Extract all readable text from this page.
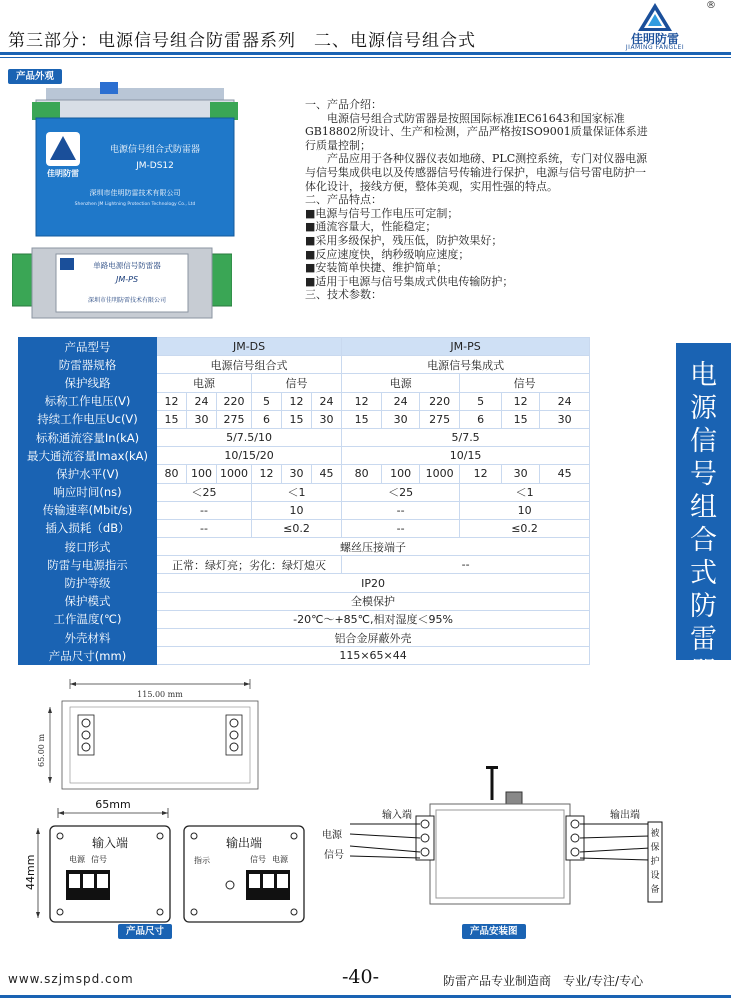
第三部分：电源信号组合防雷器系列　二、电源信号组合式	佳明防雷
JIAMING FANGLEI
®
产品外观
佳明防雷
电源信号组合式防雷器
JM-DS12
深圳市佳明防雷技术有限公司
Shenzhen JM Lightning Protection Technology Co., Ltd
单路电源信号防雷器
JM-PS
深圳市佳明防雷技术有限公司

一、产品介绍：

电源信号组合式防雷器是按照国际标准IEC61643和国家标准GB18802所设计、生产和检测，产品严格按ISO9001质量保证体系进行质量控制；

产品应用于各种仪器仪表如地磅、PLC测控系统，专门对仪器电源与信号集成供电以及传感器信号传输进行保护，电源与信号雷电防护一体化设计，接线方便，整体美观，实用性强的特点。

二、产品特点：

■电源与信号工作电压可定制；

■通流容量大，性能稳定；

■采用多级保护，残压低，防护效果好；

■反应速度快，纳秒级响应速度；

■安装简单快捷、维护简单；

■适用于电源与信号集成式供电传输防护；

三、技术参数：

产品型号	JM-DS						JM-PS					
防雷器规格	电源信号组合式						电源信号集成式					
保护线路	电源			信号			电源			信号		
标称工作电压(V)	12	24	220	5	12	24	12	24	220	5	12	24
持续工作电压Uc(V)	15	30	275	6	15	30	15	30	275	6	15	30
标称通流容量In(kA)	5/7.5/10						5/7.5					
最大通流容量Imax(kA)	10/15/20						10/15					
保护水平(V)	80	100	1000	12	30	45	80	100	1000	12	30	45
响应时间(ns)	＜25			＜1			＜25			＜1		
传输速率(Mbit/s)	--			10			--			10		
插入损耗（dB）	--			≤0.2			--			≤0.2		
接口形式	螺丝压接端子											
防雷与电源指示	正常：绿灯亮；劣化：绿灯熄灭						--					
防护等级	IP20											
保护模式	全模保护											
工作温度(℃)	-20℃～+85℃,相对湿度＜95%											
外壳材料	铝合金屏蔽外壳											
产品尺寸(mm)	115×65×44											
电
源
信
号
组
合
式
防
雷
器
115.00 mm
65.00 m
65mm
44mm
输入端
电源 信号
输出端
指示	信号 电源
产品尺寸
输入端	输出端
电源
信号
被
保
护
设
备
产品安装图
www.szjmspd.com	-40-	防雷产品专业制造商　专业/专注/专心
